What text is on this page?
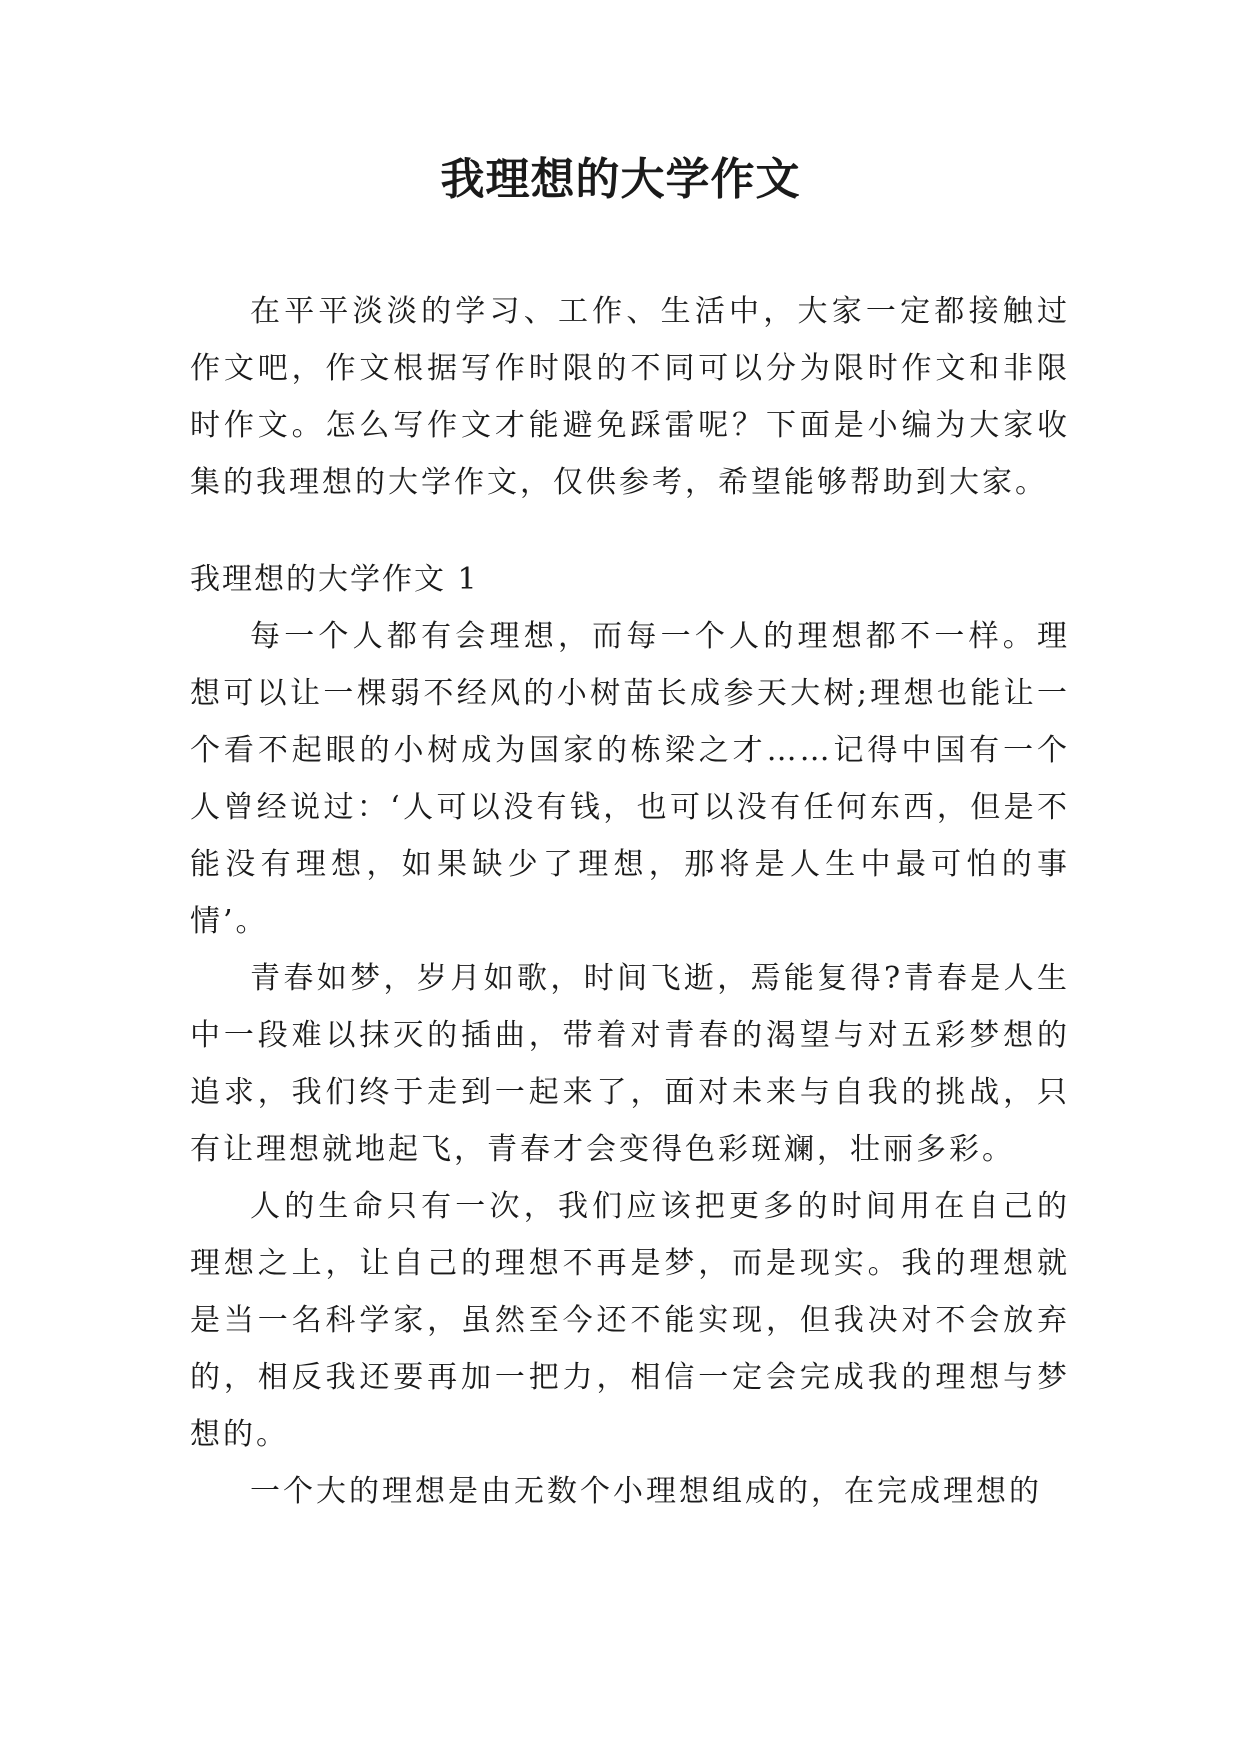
我理想的大学作文

在平平淡淡的学习、工作、生活中，大家一定都接触过作文吧，作文根据写作时限的不同可以分为限时作文和非限时作文。怎么写作文才能避免踩雷呢？下面是小编为大家收集的我理想的大学作文，仅供参考，希望能够帮助到大家。

我理想的大学作文 1

每一个人都有会理想，而每一个人的理想都不一样。理想可以让一棵弱不经风的小树苗长成参天大树;理想也能让一个看不起眼的小树成为国家的栋梁之才……记得中国有一个人曾经说过：‘人可以没有钱，也可以没有任何东西，但是不能没有理想，如果缺少了理想，那将是人生中最可怕的事情’。

青春如梦，岁月如歌，时间飞逝，焉能复得?青春是人生中一段难以抹灭的插曲，带着对青春的渴望与对五彩梦想的追求，我们终于走到一起来了，面对未来与自我的挑战，只有让理想就地起飞，青春才会变得色彩斑斓，壮丽多彩。

人的生命只有一次，我们应该把更多的时间用在自己的理想之上，让自己的理想不再是梦，而是现实。我的理想就是当一名科学家，虽然至今还不能实现，但我决对不会放弃的，相反我还要再加一把力，相信一定会完成我的理想与梦想的。

一个大的理想是由无数个小理想组成的，在完成理想的
